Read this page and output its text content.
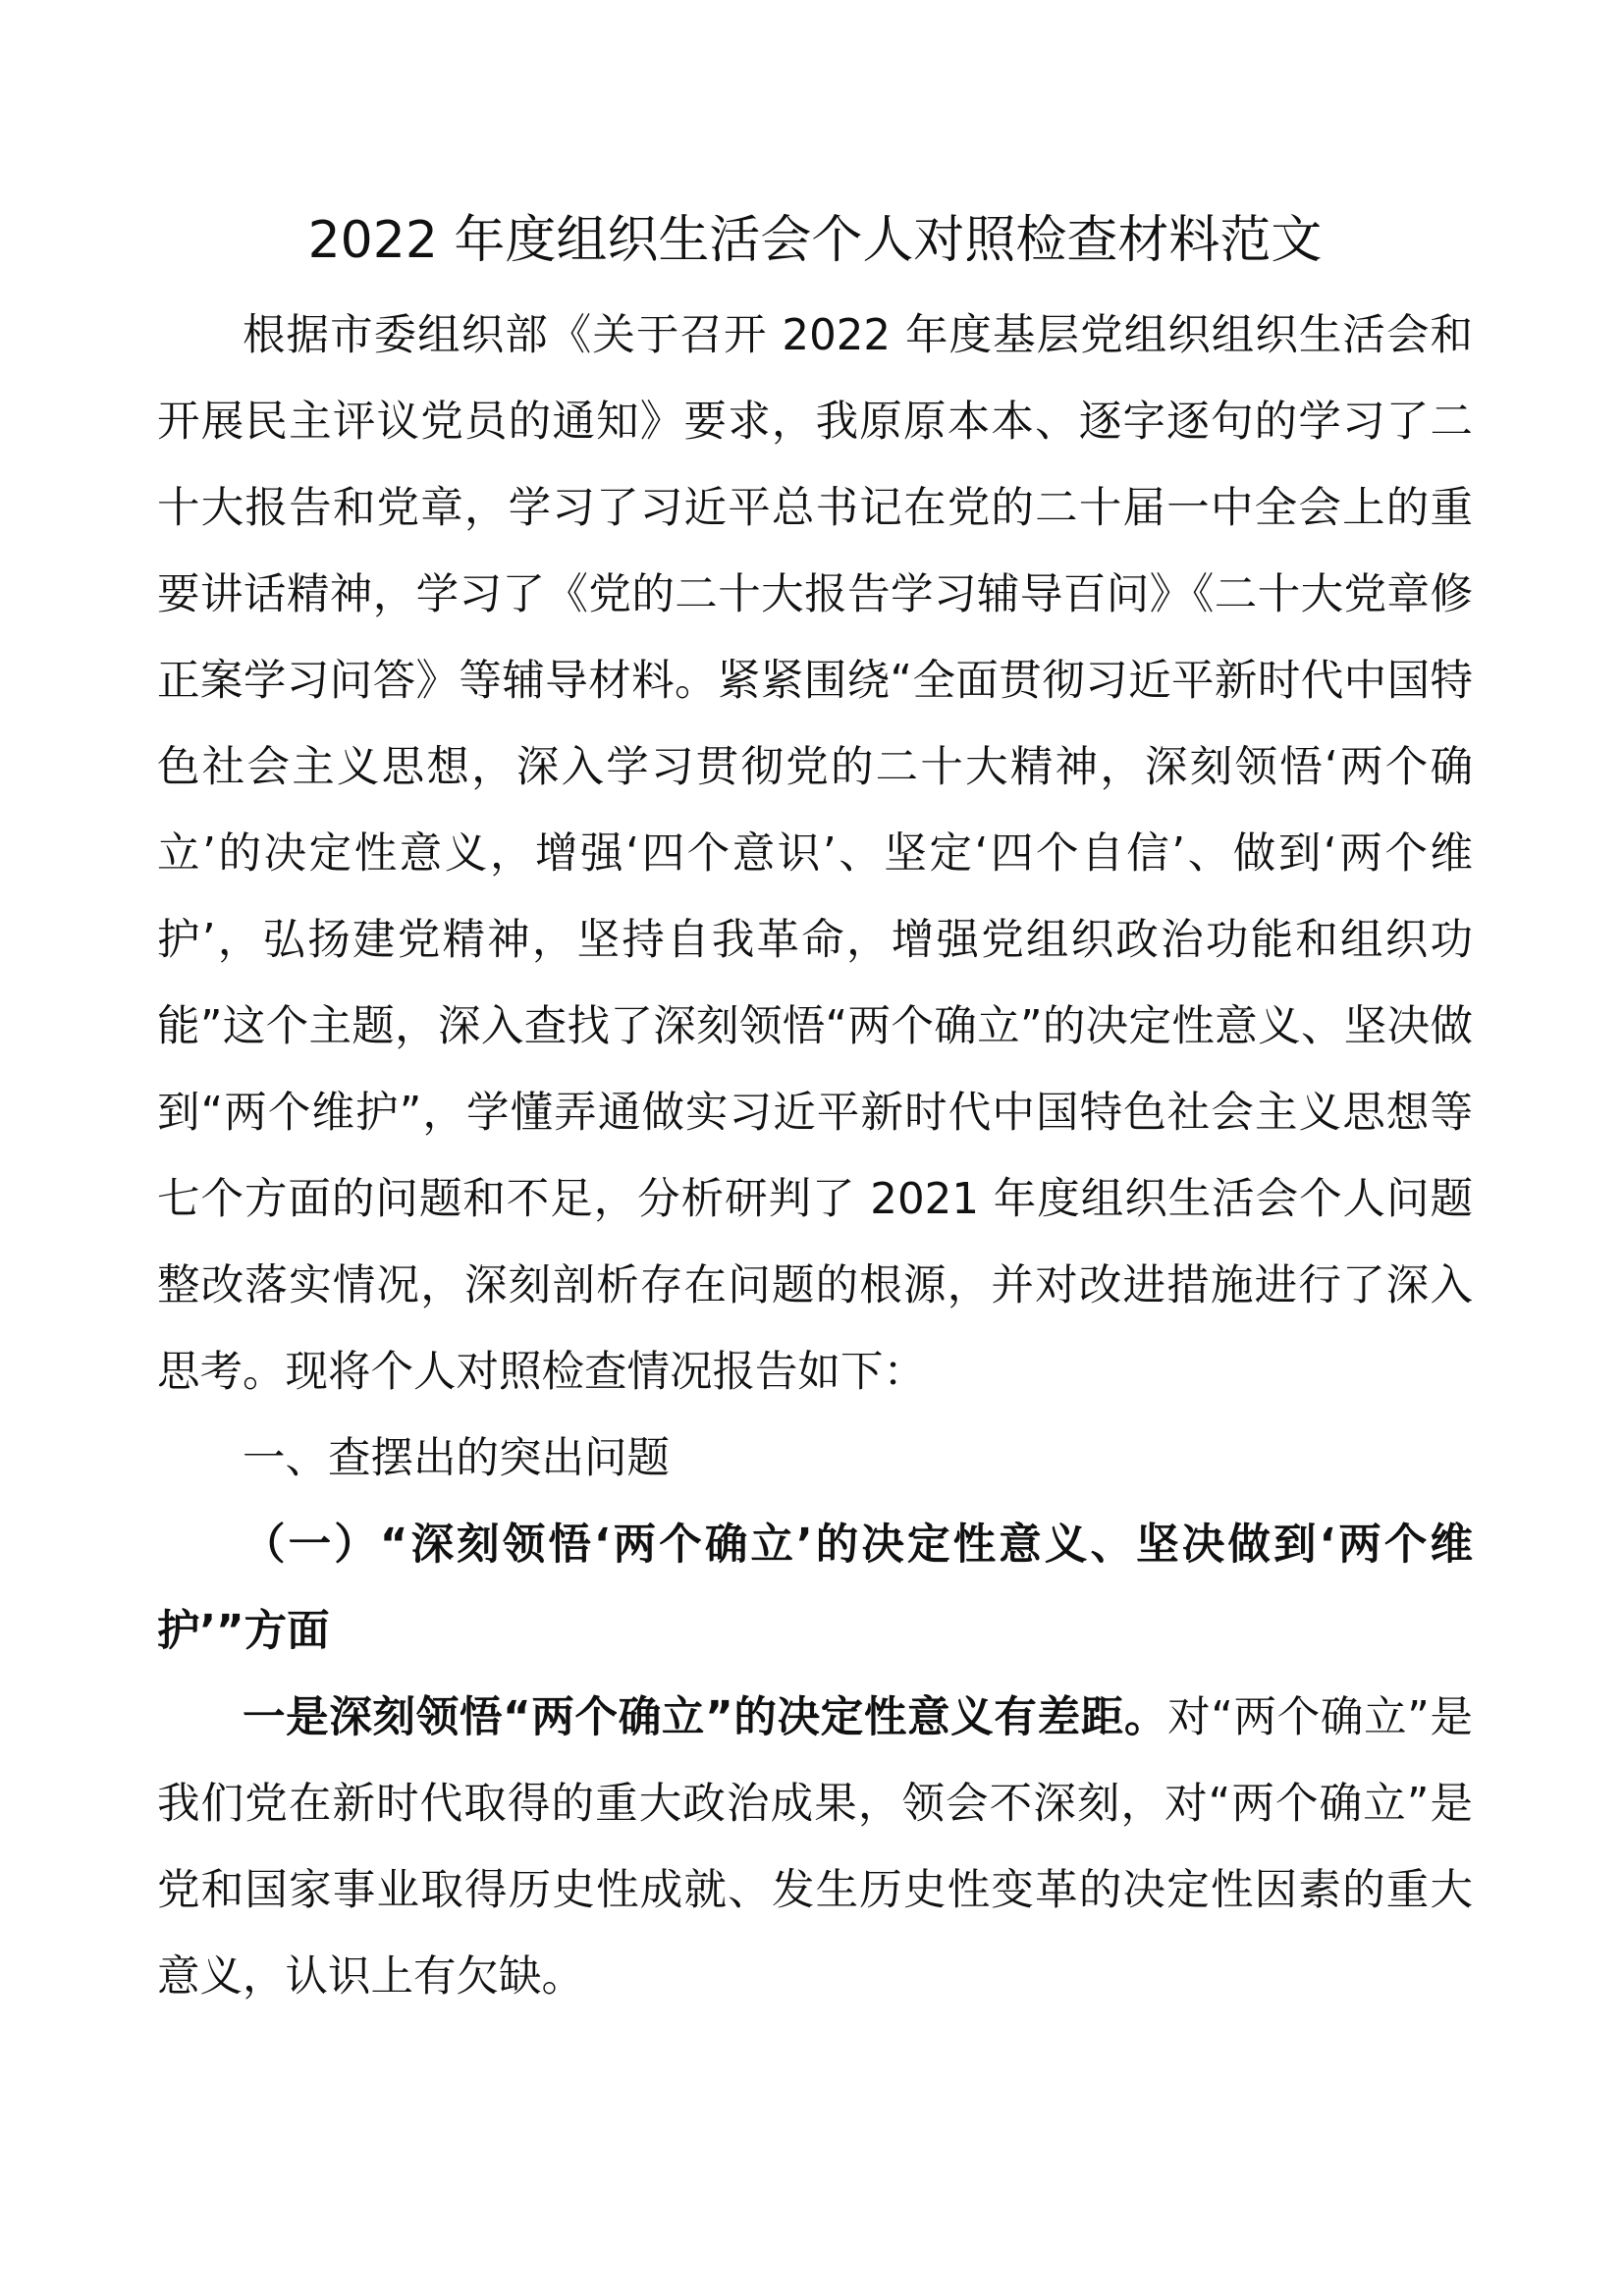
2022 年度组织生活会个人对照检查材料范文

根据市委组织部《关于召开 2022 年度基层党组织组织生活会和开展民主评议党员的通知》要求，我原原本本、逐字逐句的学习了二十大报告和党章，学习了习近平总书记在党的二十届一中全会上的重要讲话精神，学习了《党的二十大报告学习辅导百问》《二十大党章修正案学习问答》等辅导材料。紧紧围绕“全面贯彻习近平新时代中国特色社会主义思想，深入学习贯彻党的二十大精神，深刻领悟‘两个确立’的决定性意义，增强‘四个意识’、坚定‘四个自信’、做到‘两个维护’，弘扬建党精神，坚持自我革命，增强党组织政治功能和组织功能”这个主题，深入查找了深刻领悟“两个确立”的决定性意义、坚决做到“两个维护”，学懂弄通做实习近平新时代中国特色社会主义思想等七个方面的问题和不足，分析研判了 2021 年度组织生活会个人问题整改落实情况，深刻剖析存在问题的根源，并对改进措施进行了深入思考。现将个人对照检查情况报告如下：

一、查摆出的突出问题

（一）“深刻领悟‘两个确立’的决定性意义、坚决做到‘两个维护’”方面

一是深刻领悟“两个确立”的决定性意义有差距。对“两个确立”是我们党在新时代取得的重大政治成果，领会不深刻，对“两个确立”是党和国家事业取得历史性成就、发生历史性变革的决定性因素的重大意义，认识上有欠缺。
